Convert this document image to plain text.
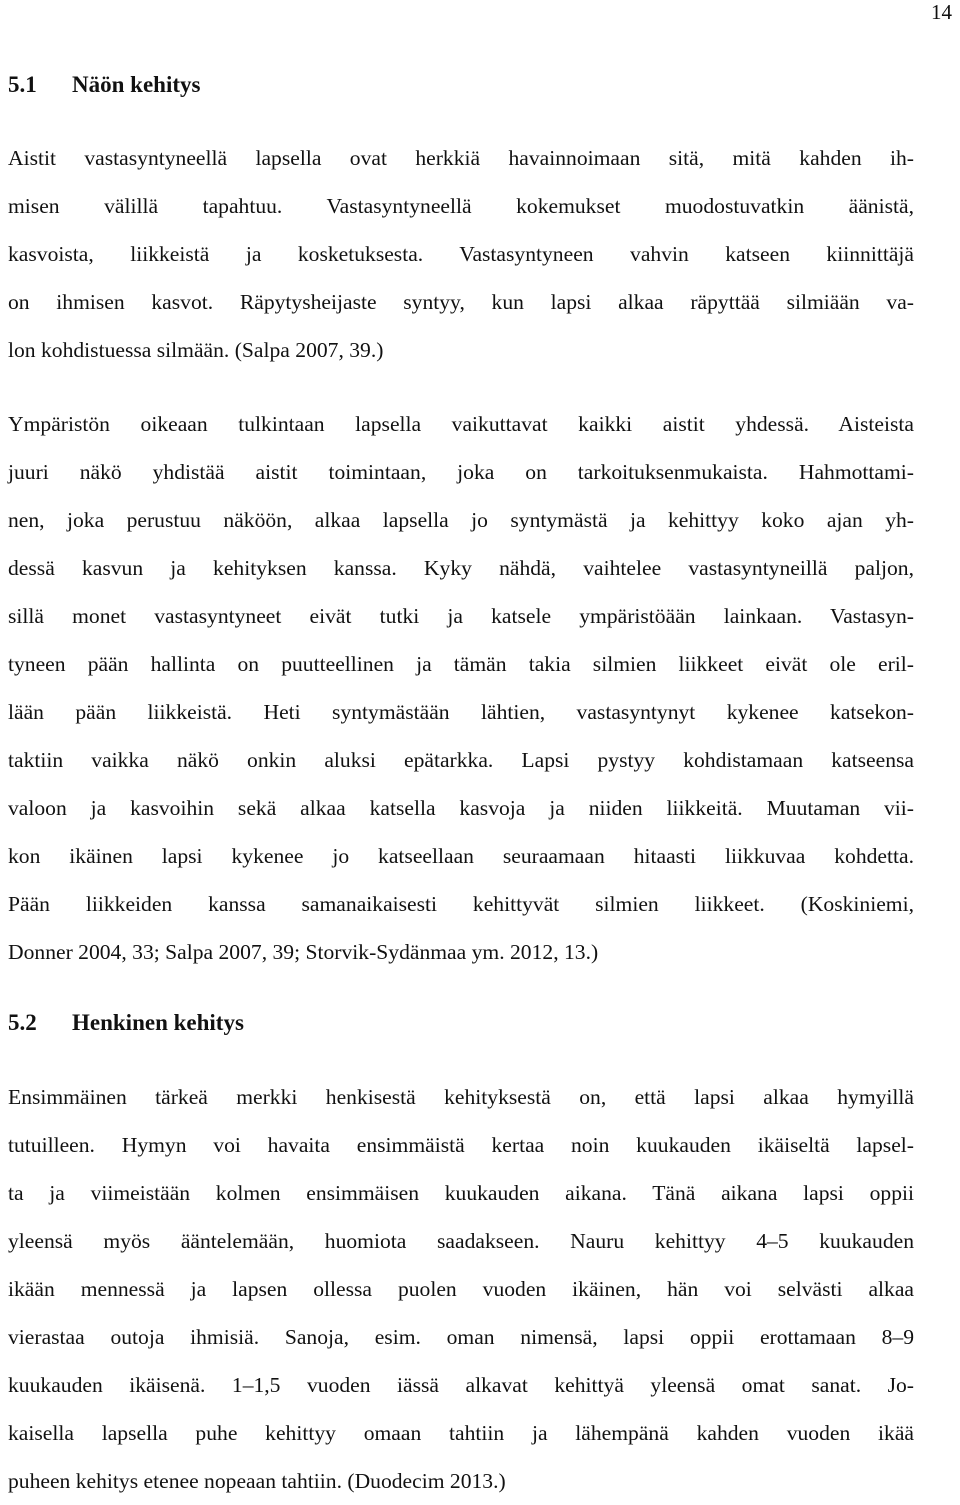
14
5.1 Näön kehitys
Aistit vastasyntyneellä lapsella ovat herkkiä havainnoimaan sitä, mitä kahden ih-
misen välillä tapahtuu. Vastasyntyneellä kokemukset muodostuvatkin äänistä,
kasvoista, liikkeistä ja kosketuksesta. Vastasyntyneen vahvin katseen kiinnittäjä
on ihmisen kasvot. Räpytysheijaste syntyy, kun lapsi alkaa räpyttää silmiään va-
lon kohdistuessa silmään. (Salpa 2007, 39.)
Ympäristön oikeaan tulkintaan lapsella vaikuttavat kaikki aistit yhdessä. Aisteista
juuri näkö yhdistää aistit toimintaan, joka on tarkoituksenmukaista. Hahmottami-
nen, joka perustuu näköön, alkaa lapsella jo syntymästä ja kehittyy koko ajan yh-
dessä kasvun ja kehityksen kanssa. Kyky nähdä, vaihtelee vastasyntyneillä paljon,
sillä monet vastasyntyneet eivät tutki ja katsele ympäristöään lainkaan. Vastasyn-
tyneen pään hallinta on puutteellinen ja tämän takia silmien liikkeet eivät ole eril-
lään pään liikkeistä. Heti syntymästään lähtien, vastasyntynyt kykenee katsekon-
taktiin vaikka näkö onkin aluksi epätarkka. Lapsi pystyy kohdistamaan katseensa
valoon ja kasvoihin sekä alkaa katsella kasvoja ja niiden liikkeitä. Muutaman vii-
kon ikäinen lapsi kykenee jo katseellaan seuraamaan hitaasti liikkuvaa kohdetta.
Pään liikkeiden kanssa samanaikaisesti kehittyvät silmien liikkeet. (Koskiniemi,
Donner 2004, 33; Salpa 2007, 39; Storvik-Sydänmaa ym. 2012, 13.)
5.2 Henkinen kehitys
Ensimmäinen tärkeä merkki henkisestä kehityksestä on, että lapsi alkaa hymyillä
tutuilleen. Hymyn voi havaita ensimmäistä kertaa noin kuukauden ikäiseltä lapsel-
ta ja viimeistään kolmen ensimmäisen kuukauden aikana. Tänä aikana lapsi oppii
yleensä myös ääntelemään, huomiota saadakseen. Nauru kehittyy 4–5 kuukauden
ikään mennessä ja lapsen ollessa puolen vuoden ikäinen, hän voi selvästi alkaa
vierastaa outoja ihmisiä. Sanoja, esim. oman nimensä, lapsi oppii erottamaan 8–9
kuukauden ikäisenä. 1–1,5 vuoden iässä alkavat kehittyä yleensä omat sanat. Jo-
kaisella lapsella puhe kehittyy omaan tahtiin ja lähempänä kahden vuoden ikää
puheen kehitys etenee nopeaan tahtiin. (Duodecim 2013.)
